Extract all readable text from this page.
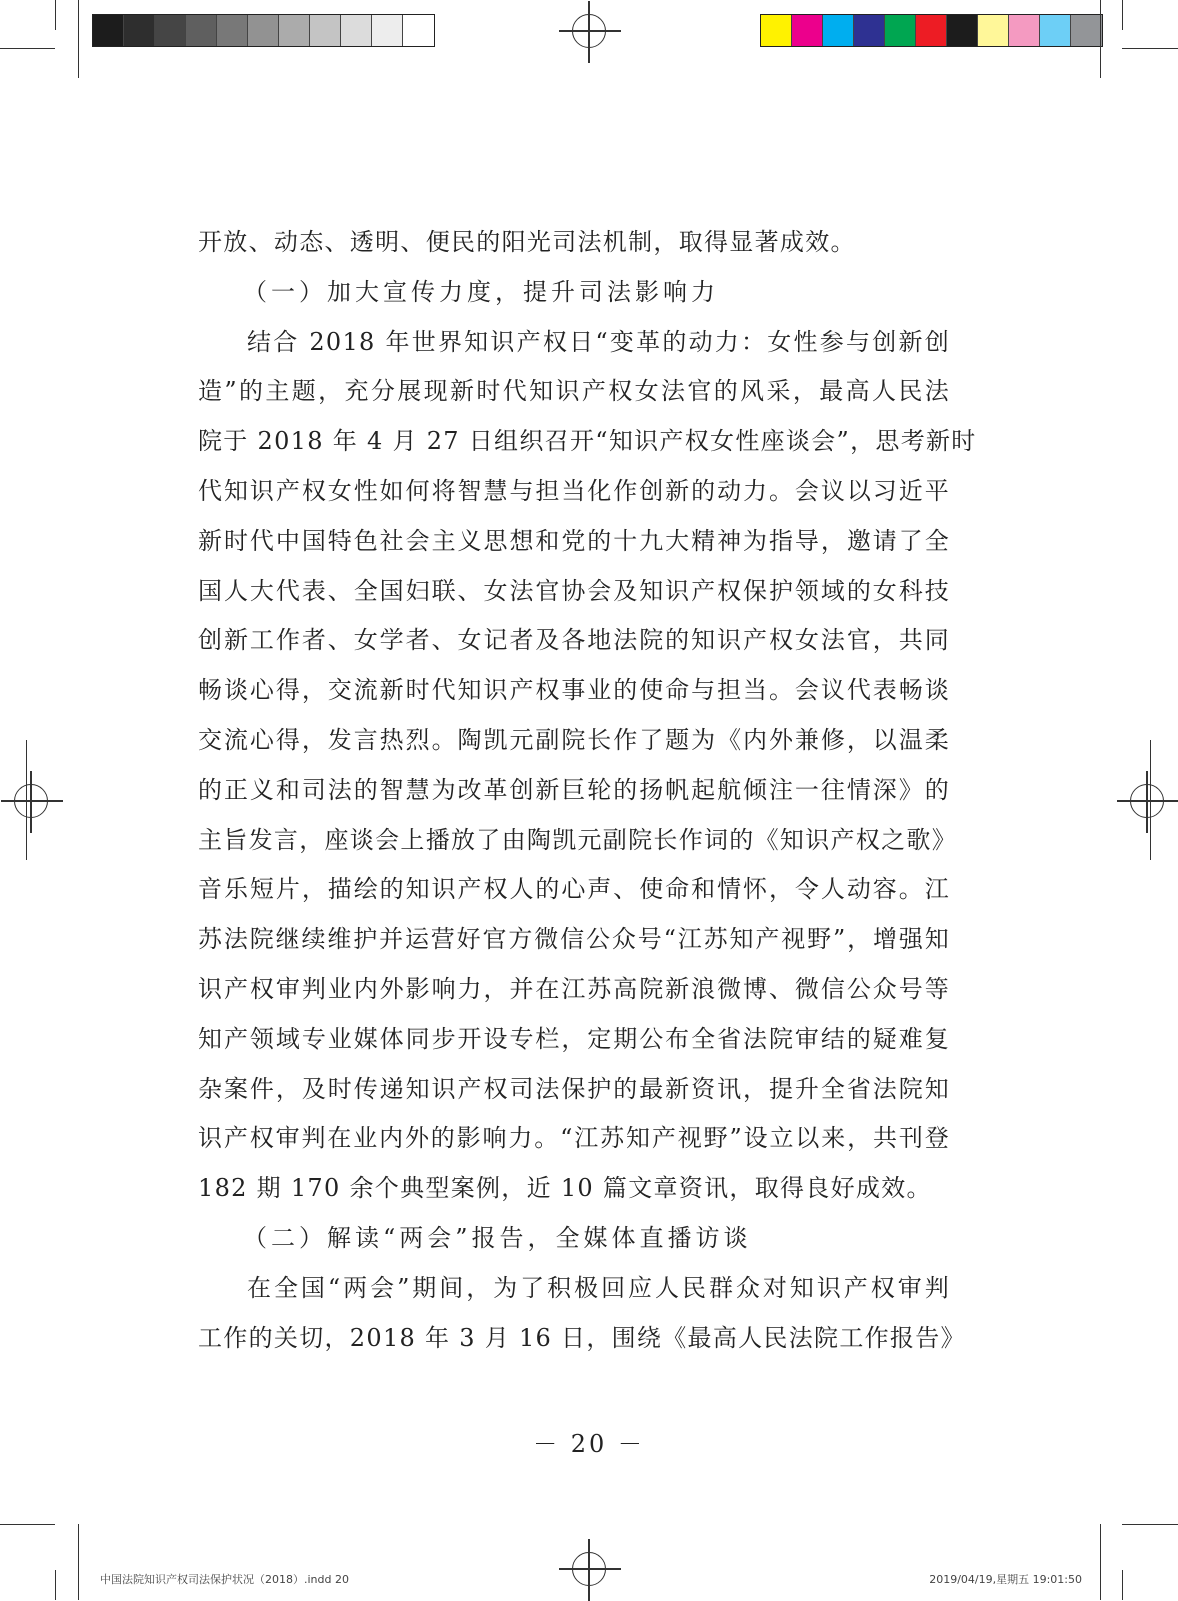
开放、动态、透明、便民的阳光司法机制，取得显著成效。
（一）加大宣传力度，提升司法影响力
结合 2018 年世界知识产权日“变革的动力：女性参与创新创
造”的主题，充分展现新时代知识产权女法官的风采，最高人民法
院于 2018 年 4 月 27 日组织召开“知识产权女性座谈会”，思考新时
代知识产权女性如何将智慧与担当化作创新的动力。会议以习近平
新时代中国特色社会主义思想和党的十九大精神为指导，邀请了全
国人大代表、全国妇联、女法官协会及知识产权保护领域的女科技
创新工作者、女学者、女记者及各地法院的知识产权女法官，共同
畅谈心得，交流新时代知识产权事业的使命与担当。会议代表畅谈
交流心得，发言热烈。陶凯元副院长作了题为《内外兼修，以温柔
的正义和司法的智慧为改革创新巨轮的扬帆起航倾注一往情深》的
主旨发言，座谈会上播放了由陶凯元副院长作词的《知识产权之歌》
音乐短片，描绘的知识产权人的心声、使命和情怀，令人动容。江
苏法院继续维护并运营好官方微信公众号“江苏知产视野”，增强知
识产权审判业内外影响力，并在江苏高院新浪微博、微信公众号等
知产领域专业媒体同步开设专栏，定期公布全省法院审结的疑难复
杂案件，及时传递知识产权司法保护的最新资讯，提升全省法院知
识产权审判在业内外的影响力。“江苏知产视野”设立以来，共刊登
182 期 170 余个典型案例，近 10 篇文章资讯，取得良好成效。
（二）解读“两会”报告，全媒体直播访谈
在全国“两会”期间，为了积极回应人民群众对知识产权审判
工作的关切，2018 年 3 月 16 日，围绕《最高人民法院工作报告》
－ 20 －
中国法院知识产权司法保护状况（2018）.indd 20	2019/04/19,星期五 19:01:50
